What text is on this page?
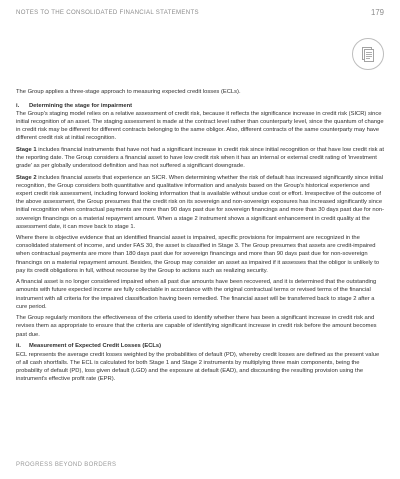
NOTES TO THE CONSOLIDATED FINANCIAL STATEMENTS	179

The Group applies a three-stage approach to measuring expected credit losses (ECLs).

i. Determining the stage for impairment

The Group's staging model relies on a relative assessment of credit risk, because it reflects the significance increase in credit risk (SICR) since initial recognition of an asset. The staging assessment is made at the contract level rather than counterparty level, since the quantum of change in credit risk may be different for different contracts belonging to the same obligor. Also, different contracts of the same counterparty may have different credit risk at initial recognition.

Stage 1 includes financial instruments that have not had a significant increase in credit risk since initial recognition or that have low credit risk at the reporting date. The Group considers a financial asset to have low credit risk when it has an internal or external credit rating of 'investment grade' as per globally understood definition and has not suffered a significant downgrade.

Stage 2 includes financial assets that experience an SICR. When determining whether the risk of default has increased significantly since initial recognition, the Group considers both quantitative and qualitative information and analysis based on the Group's historical experience and expert credit risk assessment, including forward looking information that is available without undue cost or effort. Irrespective of the outcome of the above assessment, the Group presumes that the credit risk on its sovereign and non-sovereign exposures has increased significantly since initial recognition when contractual payments are more than 90 days past due for sovereign financings and more than 30 days past due for non-sovereign financings on a material repayment amount. When a stage 2 instrument shows a significant enhancement in credit quality at the assessment date, it can move back to stage 1.

Where there is objective evidence that an identified financial asset is impaired, specific provisions for impairment are recognized in the consolidated statement of income, and under FAS 30, the asset is classified in Stage 3. The Group presumes that assets are credit-impaired when contractual payments are more than 180 days past due for sovereign financings and more than 90 days past due for non-sovereign financings on a material repayment amount. Besides, the Group may consider an asset as impaired if it assesses that the obligor is unlikely to pay its credit obligations in full, without recourse by the Group to actions such as realizing security.

A financial asset is no longer considered impaired when all past due amounts have been recovered, and it is determined that the outstanding amounts with future expected income are fully collectable in accordance with the original contractual terms or revised terms of the financial instrument with all criteria for the impaired classification having been remedied. The financial asset will be transferred back to stage 2 after a cure period.

The Group regularly monitors the effectiveness of the criteria used to identify whether there has been a significant increase in credit risk and revises them as appropriate to ensure that the criteria are capable of identifying significant increase in credit risk before the amount becomes past due.

ii. Measurement of Expected Credit Losses (ECLs)

ECL represents the average credit losses weighted by the probabilities of default (PD), whereby credit losses are defined as the present value of all cash shortfalls. The ECL is calculated for both Stage 1 and Stage 2 instruments by multiplying three main components, being the probability of default (PD), loss given default (LGD) and the exposure at default (EAD), and discounting the resulting provision using the instrument's effective profit rate (EPR).

PROGRESS BEYOND BORDERS
